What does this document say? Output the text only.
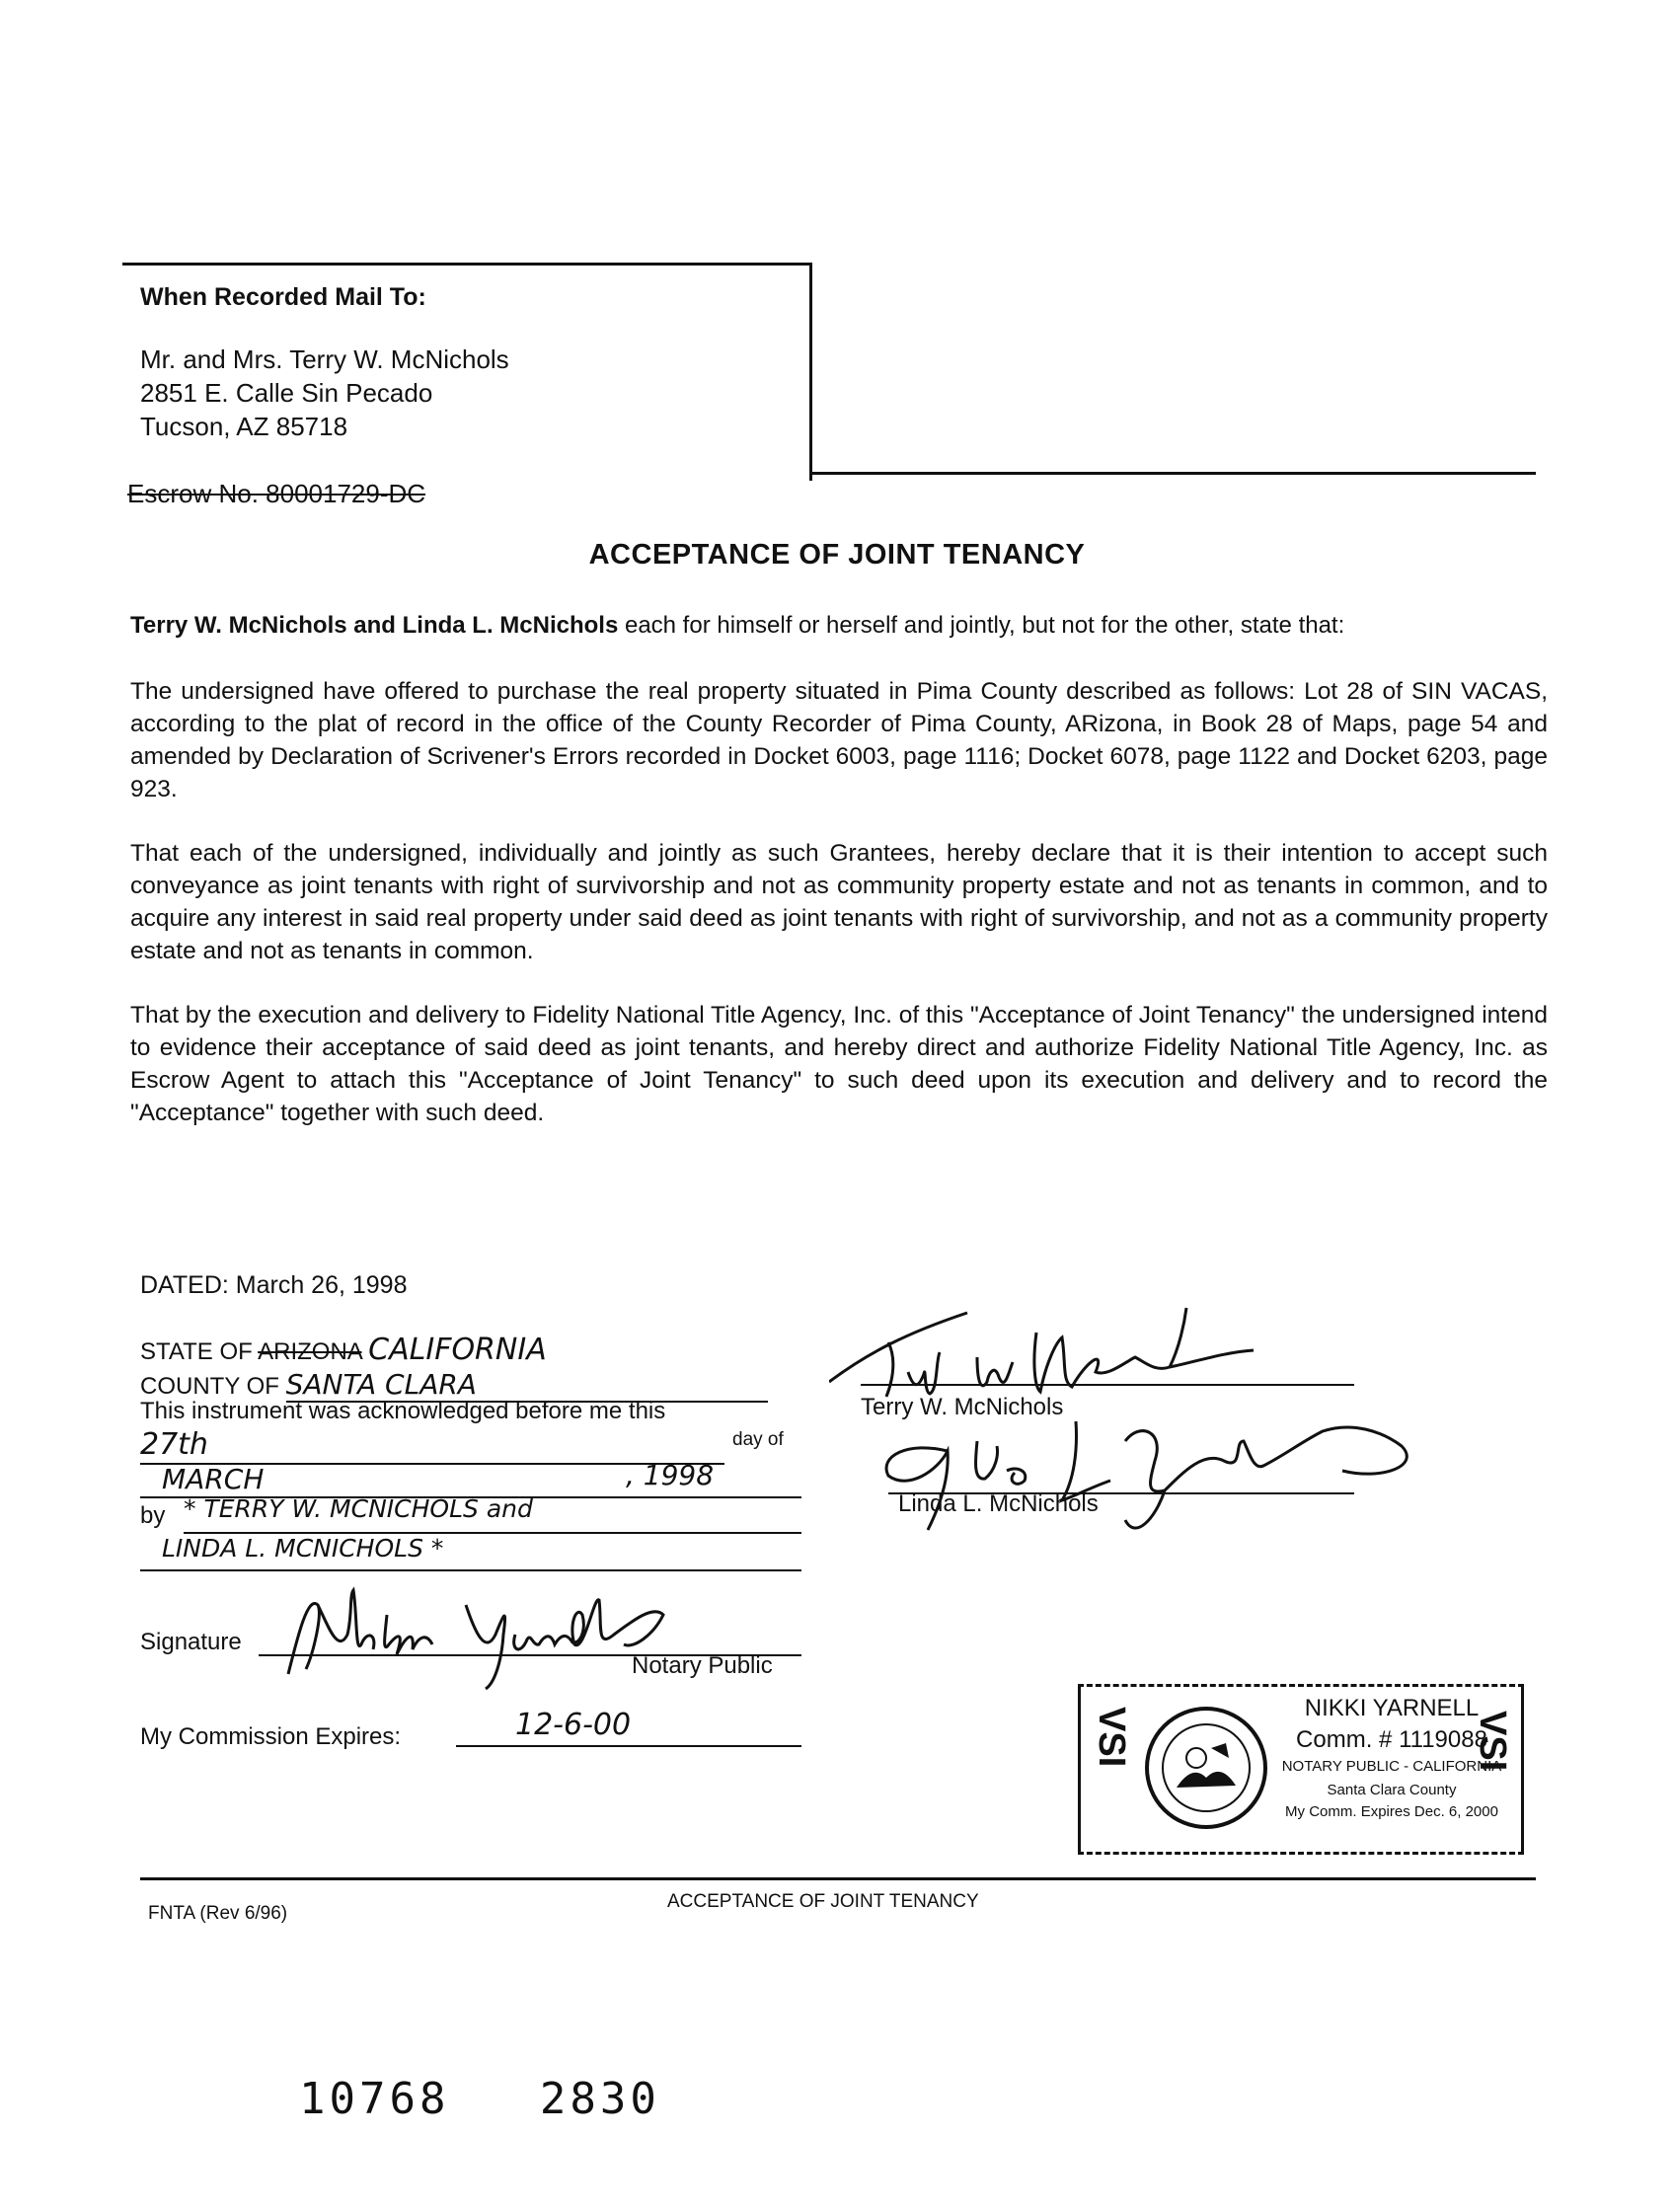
When Recorded Mail To:
Mr. and Mrs. Terry W. McNichols
2851 E. Calle Sin Pecado
Tucson, AZ 85718
Escrow No. 80001729-DC
ACCEPTANCE OF JOINT TENANCY
Terry W. McNichols and Linda L. McNichols each for himself or herself and jointly, but not for the other, state that:
The undersigned have offered to purchase the real property situated in Pima County described as follows: Lot 28 of SIN VACAS, according to the plat of record in the office of the County Recorder of Pima County, ARizona, in Book 28 of Maps, page 54 and amended by Declaration of Scrivener's Errors recorded in Docket 6003, page 1116; Docket 6078, page 1122 and Docket 6203, page 923.
That each of the undersigned, individually and jointly as such Grantees, hereby declare that it is their intention to accept such conveyance as joint tenants with right of survivorship and not as community property estate and not as tenants in common, and to acquire any interest in said real property under said deed as joint tenants with right of survivorship, and not as a community property estate and not as tenants in common.
That by the execution and delivery to Fidelity National Title Agency, Inc. of this "Acceptance of Joint Tenancy" the undersigned intend to evidence their acceptance of said deed as joint tenants, and hereby direct and authorize Fidelity National Title Agency, Inc. as Escrow Agent to attach this "Acceptance of Joint Tenancy" to such deed upon its execution and delivery and to record the "Acceptance" together with such deed.
DATED: March 26, 1998
STATE OF ARIZONA CALIFORNIA
COUNTY OF SANTA CLARA
This instrument was acknowledged before me this
27th	day of
MARCH	, 1998
by * TERRY W. MCNICHOLS and
LINDA L. MCNICHOLS *
Signature
Notary Public
My Commission Expires:	12-6-00
Terry W. McNichols
Linda L. McNichols
VSI	NIKKI YARNELL
Comm. # 1119088
NOTARY PUBLIC - CALIFORNIA
Santa Clara County
My Comm. Expires Dec. 6, 2000
VSI
FNTA (Rev 6/96)
ACCEPTANCE OF JOINT TENANCY
10768   2830
